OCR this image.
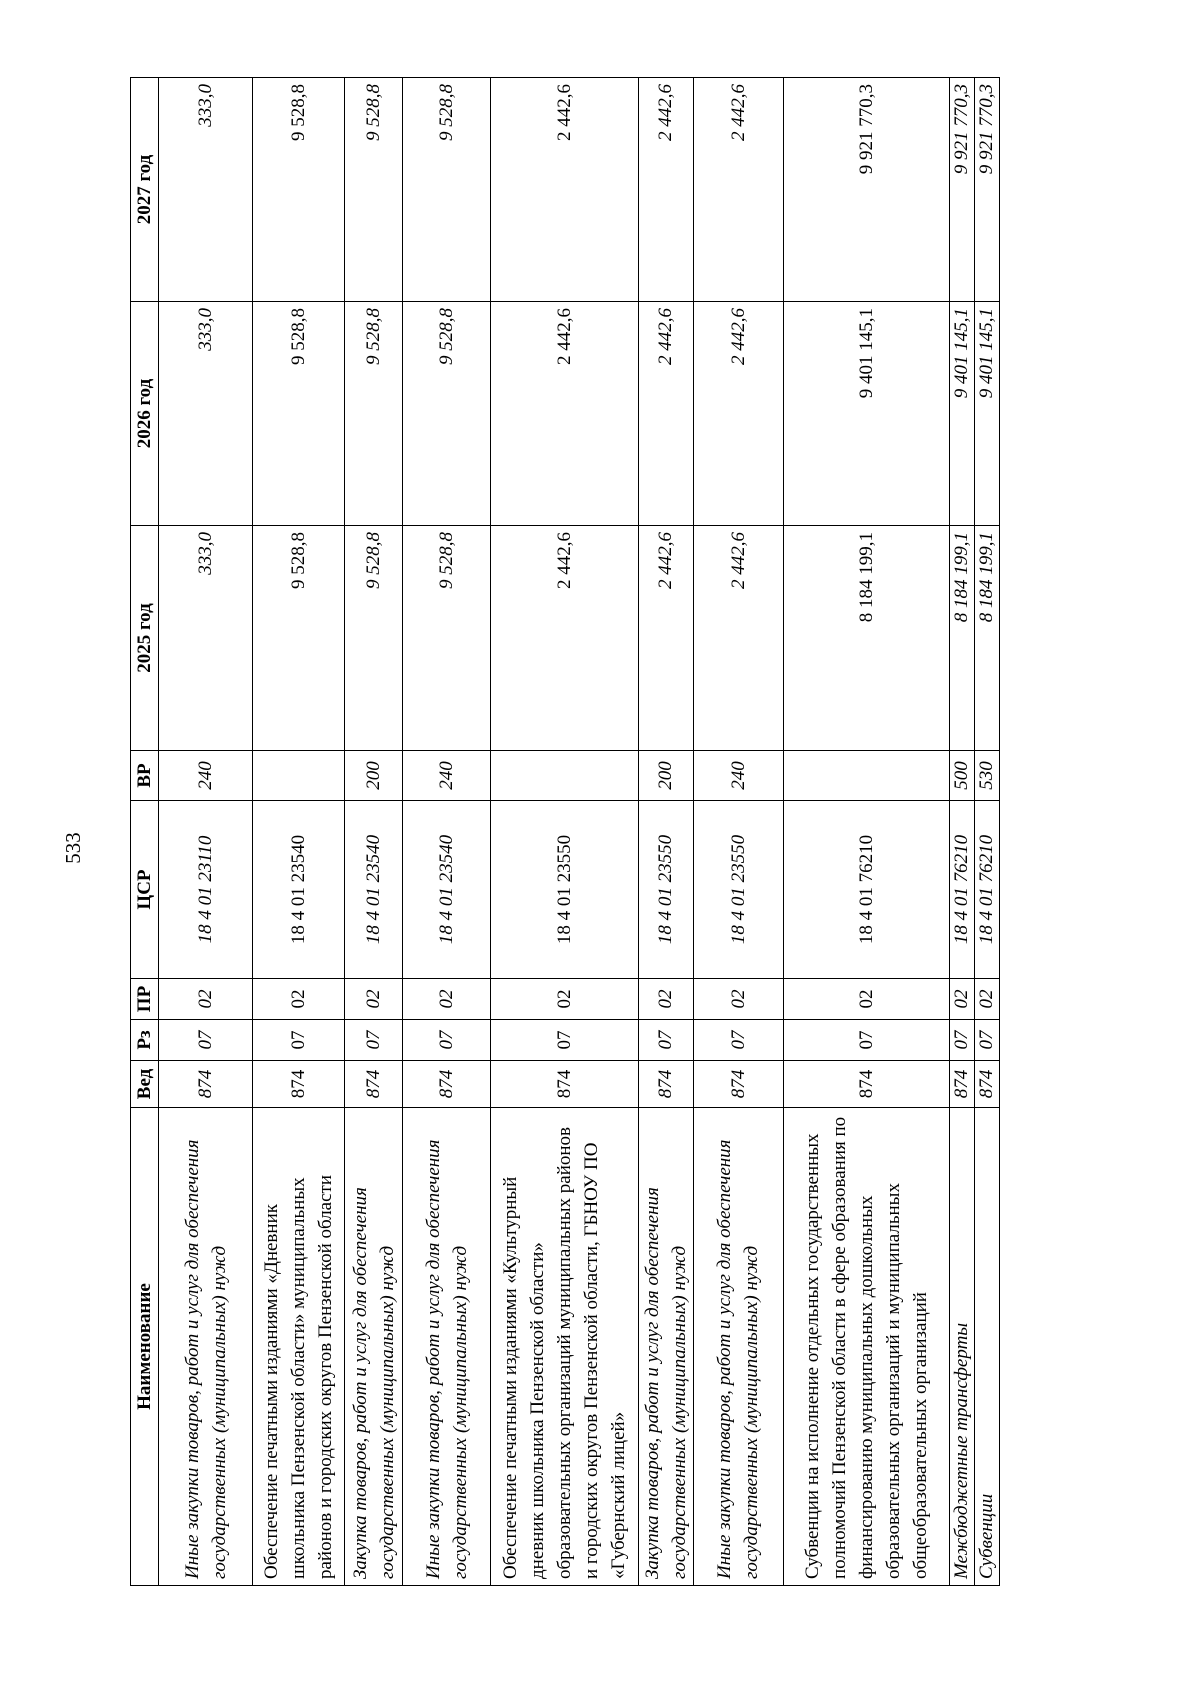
533
Наименование	Вед	Рз	ПР	ЦСР	ВР	2025 год	2026 год	2027 год
Иные закупки товаров, работ и услуг для обеспечения государственных (муниципальных) нужд	874	07	02	18 4 01 23110	240	333,0	333,0	333,0
Обеспечение печатными изданиями «Дневник школьника Пензенской области» муниципальных районов и городских округов Пензенской области	874	07	02	18 4 01 23540		9 528,8	9 528,8	9 528,8
Закупка товаров, работ и услуг для обеспечения государственных (муниципальных) нужд	874	07	02	18 4 01 23540	200	9 528,8	9 528,8	9 528,8
Иные закупки товаров, работ и услуг для обеспечения государственных (муниципальных) нужд	874	07	02	18 4 01 23540	240	9 528,8	9 528,8	9 528,8
Обеспечение печатными изданиями «Культурный дневник школьника Пензенской области» образовательных организаций муниципальных районов и городских округов Пензенской области, ГБНОУ ПО «Губернский лицей»	874	07	02	18 4 01 23550		2 442,6	2 442,6	2 442,6
Закупка товаров, работ и услуг для обеспечения государственных (муниципальных) нужд	874	07	02	18 4 01 23550	200	2 442,6	2 442,6	2 442,6
Иные закупки товаров, работ и услуг для обеспечения государственных (муниципальных) нужд	874	07	02	18 4 01 23550	240	2 442,6	2 442,6	2 442,6
Субвенции на исполнение отдельных государственных полномочий Пензенской области в сфере образования по финансированию муниципальных дошкольных образовательных организаций и муниципальных общеобразовательных организаций	874	07	02	18 4 01 76210		8 184 199,1	9 401 145,1	9 921 770,3
Межбюджетные трансферты	874	07	02	18 4 01 76210	500	8 184 199,1	9 401 145,1	9 921 770,3
Субвенции	874	07	02	18 4 01 76210	530	8 184 199,1	9 401 145,1	9 921 770,3
